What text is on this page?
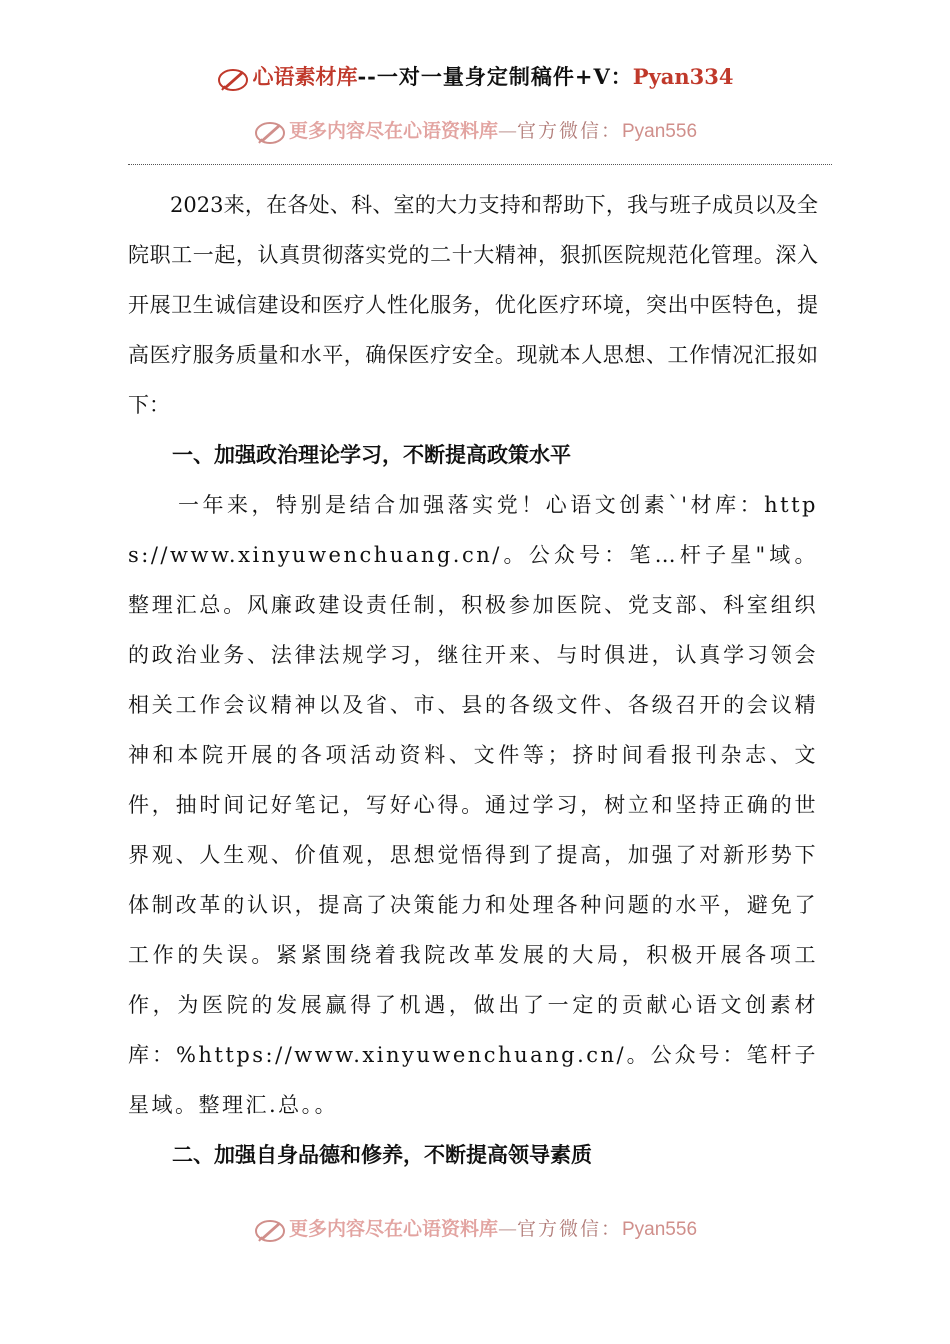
心语素材库--一对一量身定制稿件+V：Pyan334
更多内容尽在心语资料库—官方微信：Pyan556

2023来，在各处、科、室的大力支持和帮助下，我与班子成员以及全院职工一起，认真贯彻落实党的二十大精神，狠抓医院规范化管理。深入开展卫生诚信建设和医疗人性化服务，优化医疗环境，突出中医特色，提高医疗服务质量和水平，确保医疗安全。现就本人思想、工作情况汇报如下：

一、加强政治理论学习，不断提高政策水平

一年来，特别是结合加强落实党！心语文创素`'材库：https://www.xinyuwenchuang.cn/。公众号：笔…杆子星"域。整理汇总。风廉政建设责任制，积极参加医院、党支部、科室组织的政治业务、法律法规学习，继往开来、与时俱进，认真学习领会相关工作会议精神以及省、市、县的各级文件、各级召开的会议精神和本院开展的各项活动资料、文件等；挤时间看报刊杂志、文件，抽时间记好笔记，写好心得。通过学习，树立和坚持正确的世界观、人生观、价值观，思想觉悟得到了提高，加强了对新形势下体制改革的认识，提高了决策能力和处理各种问题的水平，避免了工作的失误。紧紧围绕着我院改革发展的大局，积极开展各项工作，为医院的发展赢得了机遇，做出了一定的贡献心语文创素材库：%https://www.xinyuwenchuang.cn/。公众号：笔杆子星域。整理汇.总。。

二、加强自身品德和修养，不断提高领导素质

更多内容尽在心语资料库—官方微信：Pyan556
